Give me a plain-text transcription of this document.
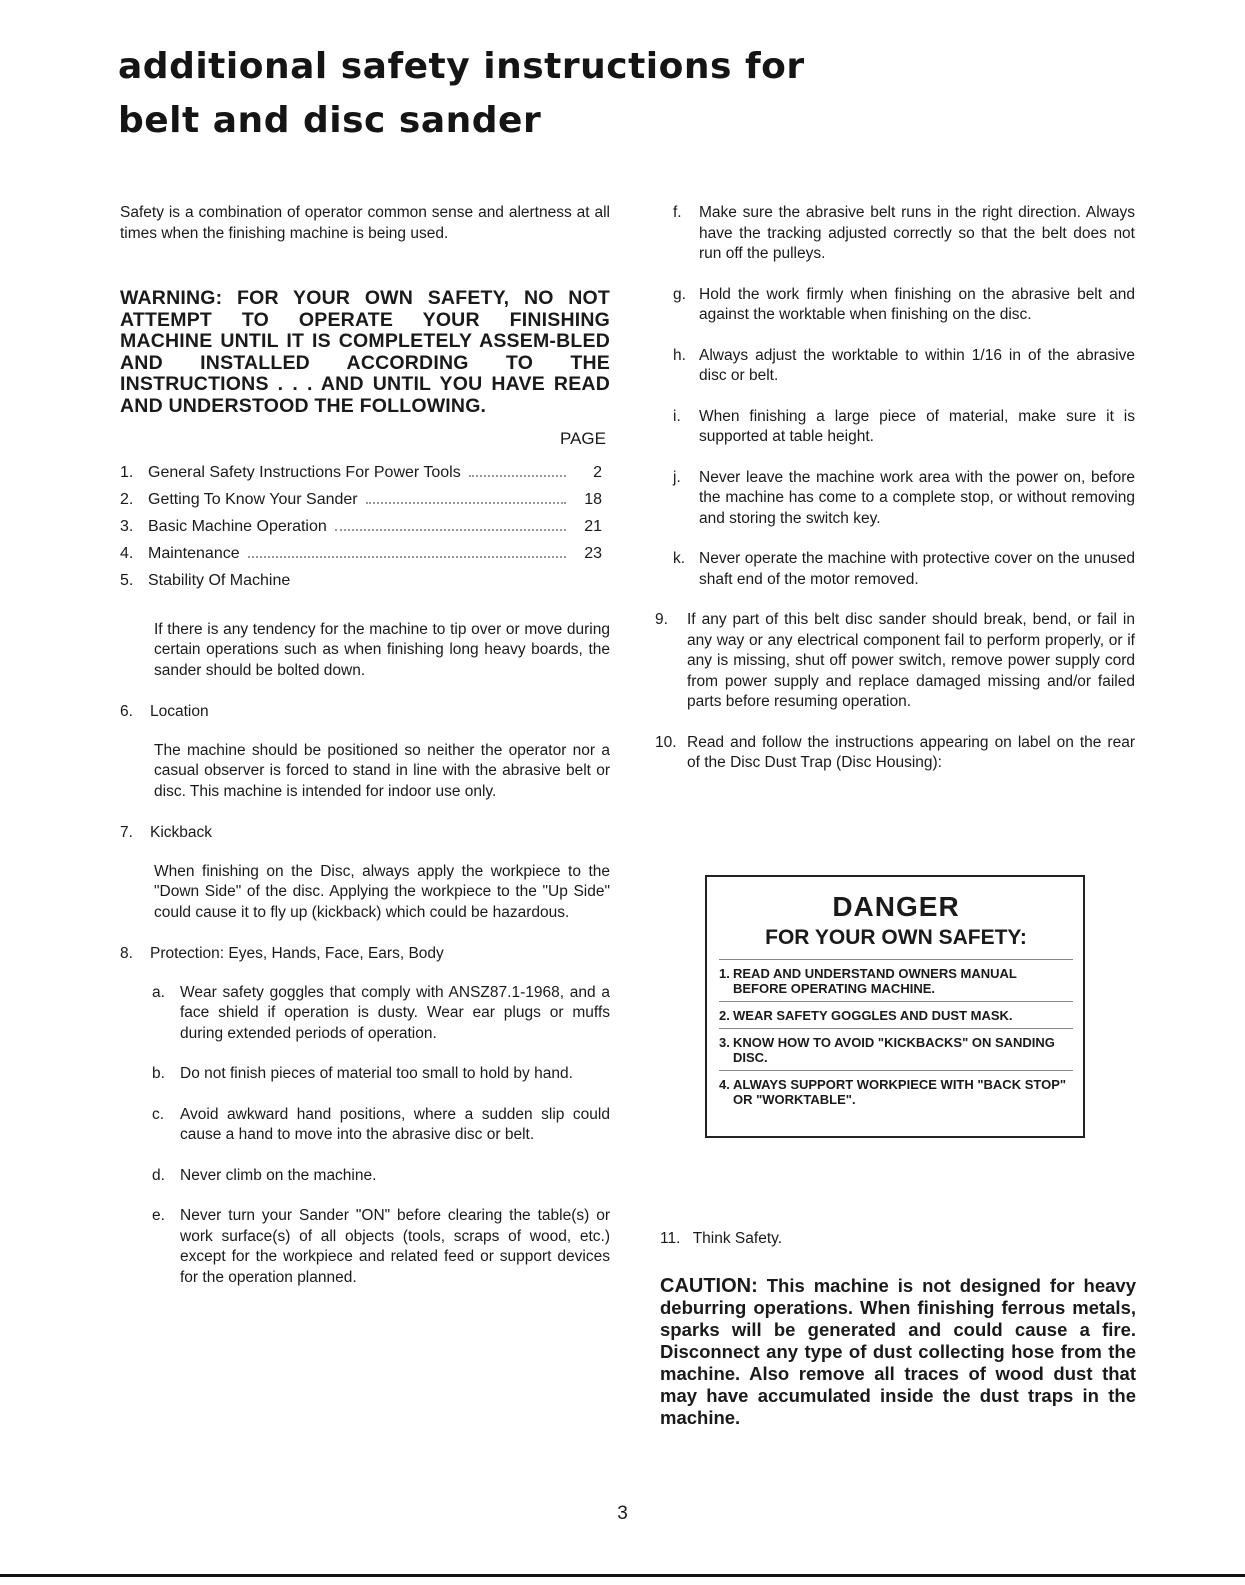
additional safety instructions for
belt and disc sander

Safety is a combination of operator common sense and alertness at all times when the finishing machine is being used.

WARNING: FOR YOUR OWN SAFETY, NO NOT ATTEMPT TO OPERATE YOUR FINISHING MACHINE UNTIL IT IS COMPLETELY ASSEM-BLED AND INSTALLED ACCORDING TO THE INSTRUCTIONS . . . AND UNTIL YOU HAVE READ AND UNDERSTOOD THE FOLLOWING.

PAGE
1. General Safety Instructions For Power Tools	2
2. Getting To Know Your Sander	18
3. Basic Machine Operation	21
4. Maintenance	23
5. Stability Of Machine

If there is any tendency for the machine to tip over or move during certain operations such as when finishing long heavy boards, the sander should be bolted down.

6.	Location

The machine should be positioned so neither the operator nor a casual observer is forced to stand in line with the abrasive belt or disc. This machine is intended for indoor use only.

7.	Kickback

When finishing on the Disc, always apply the workpiece to the "Down Side" of the disc. Applying the workpiece to the "Up Side" could cause it to fly up (kickback) which could be hazardous.

8.	Protection: Eyes, Hands, Face, Ears, Body
a. Wear safety goggles that comply with ANSZ87.1-1968, and a face shield if operation is dusty. Wear ear plugs or muffs during extended periods of operation.
b. Do not finish pieces of material too small to hold by hand.
c.	Avoid awkward hand positions, where a sudden slip could cause a hand to move into the abrasive disc or belt.
d. Never climb on the machine.
e. Never turn your Sander "ON" before clearing the table(s) or work surface(s) of all objects (tools, scraps of wood, etc.) except for the workpiece and related feed or support devices for the operation planned.
f.	Make sure the abrasive belt runs in the right direction. Always have the tracking adjusted correctly so that the belt does not run off the pulleys.
g. Hold the work firmly when finishing on the abrasive belt and against the worktable when finishing on the disc.
h. Always adjust the worktable to within 1/16 in of the abrasive disc or belt.
i.	When finishing a large piece of material, make sure it is supported at table height.
j.	Never leave the machine work area with the power on, before the machine has come to a complete stop, or without removing and storing the switch key.
k. Never operate the machine with protective cover on the unused shaft end of the motor removed.
9.	If any part of this belt disc sander should break, bend, or fail in any way or any electrical component fail to perform properly, or if any is missing, shut off power switch, remove power supply cord from power supply and replace damaged missing and/or failed parts before resuming operation.
10. Read and follow the instructions appearing on label on the rear of the Disc Dust Trap (Disc Housing):
DANGER
FOR YOUR OWN SAFETY:
1. READ AND UNDERSTAND OWNERS MANUAL BEFORE OPERATING MACHINE.
2. WEAR SAFETY GOGGLES AND DUST MASK.
3. KNOW HOW TO AVOID "KICKBACKS" ON SANDING DISC.
4. ALWAYS SUPPORT WORKPIECE WITH "BACK STOP" OR "WORKTABLE".
11. Think Safety.

CAUTION: This machine is not designed for heavy deburring operations. When finishing ferrous metals, sparks will be generated and could cause a fire. Disconnect any type of dust collecting hose from the machine. Also remove all traces of wood dust that may have accumulated inside the dust traps in the machine.

3
